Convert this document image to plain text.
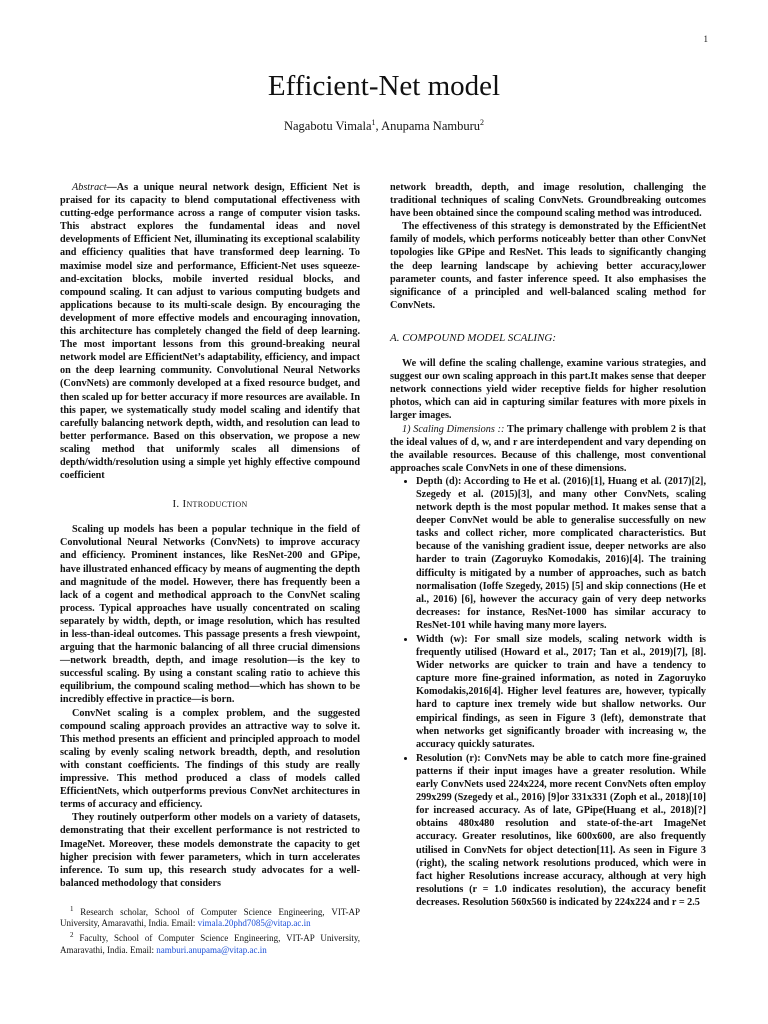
1
Efficient-Net model
Nagabotu Vimala$^1$, Anupama Namburu$^2$

Abstract—As a unique neural network design, Efficient Net is praised for its capacity to blend computational effectiveness with cutting-edge performance across a range of computer vision tasks. This abstract explores the fundamental ideas and novel developments of Efficient Net, illuminating its exceptional scalability and efficiency qualities that have transformed deep learning. To maximise model size and performance, Efficient-Net uses squeeze-and-excitation blocks, mobile inverted residual blocks, and compound scaling. It can adjust to various computing budgets and applications because to its multi-scale design. By encouraging the development of more effective models and encouraging innovation, this architecture has completely changed the field of deep learning. The most important lessons from this ground-breaking neural network model are EfficientNet’s adaptability, efficiency, and impact on the deep learning community. Convolutional Neural Networks (ConvNets) are commonly developed at a fixed resource budget, and then scaled up for better accuracy if more resources are available. In this paper, we systematically study model scaling and identify that carefully balancing network depth, width, and resolution can lead to better performance. Based on this observation, we propose a new scaling method that uniformly scales all dimensions of depth/width/resolution using a simple yet highly effective compound coefficient

I. Introduction

Scaling up models has been a popular technique in the field of Convolutional Neural Networks (ConvNets) to improve accuracy and efficiency. Prominent instances, like ResNet-200 and GPipe, have illustrated enhanced efficacy by means of augmenting the depth and magnitude of the model. However, there has frequently been a lack of a cogent and methodical approach to the ConvNet scaling process. Typical approaches have usually concentrated on scaling separately by width, depth, or image resolution, which has resulted in less-than-ideal outcomes. This passage presents a fresh viewpoint, arguing that the harmonic balancing of all three crucial dimensions—network breadth, depth, and image resolution—is the key to successful scaling. By using a constant scaling ratio to achieve this equilibrium, the compound scaling method—which has shown to be incredibly effective in practice—is born.

ConvNet scaling is a complex problem, and the suggested compound scaling approach provides an attractive way to solve it. This method presents an efficient and principled approach to model scaling by evenly scaling network breadth, depth, and resolution with constant coefficients. The findings of this study are really impressive. This method produced a class of models called EfficientNets, which outperforms previous ConvNet architectures in terms of accuracy and efficiency.

They routinely outperform other models on a variety of datasets, demonstrating that their excellent performance is not restricted to ImageNet. Moreover, these models demonstrate the capacity to get higher precision with fewer parameters, which in turn accelerates inference. To sum up, this research study advocates for a well-balanced methodology that considers

$^1$ Research scholar, School of Computer Science Engineering, VIT-AP University, Amaravathi, India. Email: vimala.20phd7085@vitap.ac.in
$^2$ Faculty, School of Computer Science Engineering, VIT-AP University, Amaravathi, India. Email: namburi.anupama@vitap.ac.in

network breadth, depth, and image resolution, challenging the traditional techniques of scaling ConvNets. Groundbreaking outcomes have been obtained since the compound scaling method was introduced.

The effectiveness of this strategy is demonstrated by the EfficientNet family of models, which performs noticeably better than other ConvNet topologies like GPipe and ResNet. This leads to significantly changing the deep learning landscape by achieving better accuracy,lower parameter counts, and faster inference speed. It also emphasises the significance of a principled and well-balanced scaling method for ConvNets.

A. COMPOUND MODEL SCALING:

We will define the scaling challenge, examine various strategies, and suggest our own scaling approach in this part.It makes sense that deeper network connections yield wider receptive fields for higher resolution photos, which can aid in capturing similar features with more pixels in larger images.

1) Scaling Dimensions :: The primary challenge with problem 2 is that the ideal values of d, w, and r are interdependent and vary depending on the available resources. Because of this challenge, most conventional approaches scale ConvNets in one of these dimensions.

• Depth (d): According to He et al. (2016)[1], Huang et al. (2017)[2], Szegedy et al. (2015)[3], and many other ConvNets, scaling network depth is the most popular method. It makes sense that a deeper ConvNet would be able to generalise successfully on new tasks and collect richer, more complicated characteristics. But because of the vanishing gradient issue, deeper networks are also harder to train (Zagoruyko Komodakis, 2016)[4]. The training difficulty is mitigated by a number of approaches, such as batch normalisation (Ioffe Szegedy, 2015) [5] and skip connections (He et al., 2016) [6], however the accuracy gain of very deep networks decreases: for instance, ResNet-1000 has similar accuracy to ResNet-101 while having many more layers.
• Width (w): For small size models, scaling network width is frequently utilised (Howard et al., 2017; Tan et al., 2019)[7], [8]. Wider networks are quicker to train and have a tendency to capture more fine-grained information, as noted in Zagoruyko Komodakis,2016[4]. Higher level features are, however, typically hard to capture inex tremely wide but shallow networks. Our empirical findings, as seen in Figure 3 (left), demonstrate that when networks get significantly broader with increasing w, the accuracy quickly saturates.
• Resolution (r): ConvNets may be able to catch more fine-grained patterns if their input images have a greater resolution. While early ConvNets used 224x224, more recent ConvNets often employ 299x299 (Szegedy et al., 2016) [9]or 331x331 (Zoph et al., 2018)[10] for increased accuracy. As of late, GPipe(Huang et al., 2018)[?] obtains 480x480 resolution and state-of-the-art ImageNet accuracy. Greater resolutinos, like 600x600, are also frequently utilised in ConvNets for object detection[11]. As seen in Figure 3 (right), the scaling network resolutions produced, which were in fact higher Resolutions increase accuracy, although at very high resolutions (r = 1.0 indicates resolution), the accuracy benefit decreases. Resolution 560x560 is indicated by 224x224 and r = 2.5
